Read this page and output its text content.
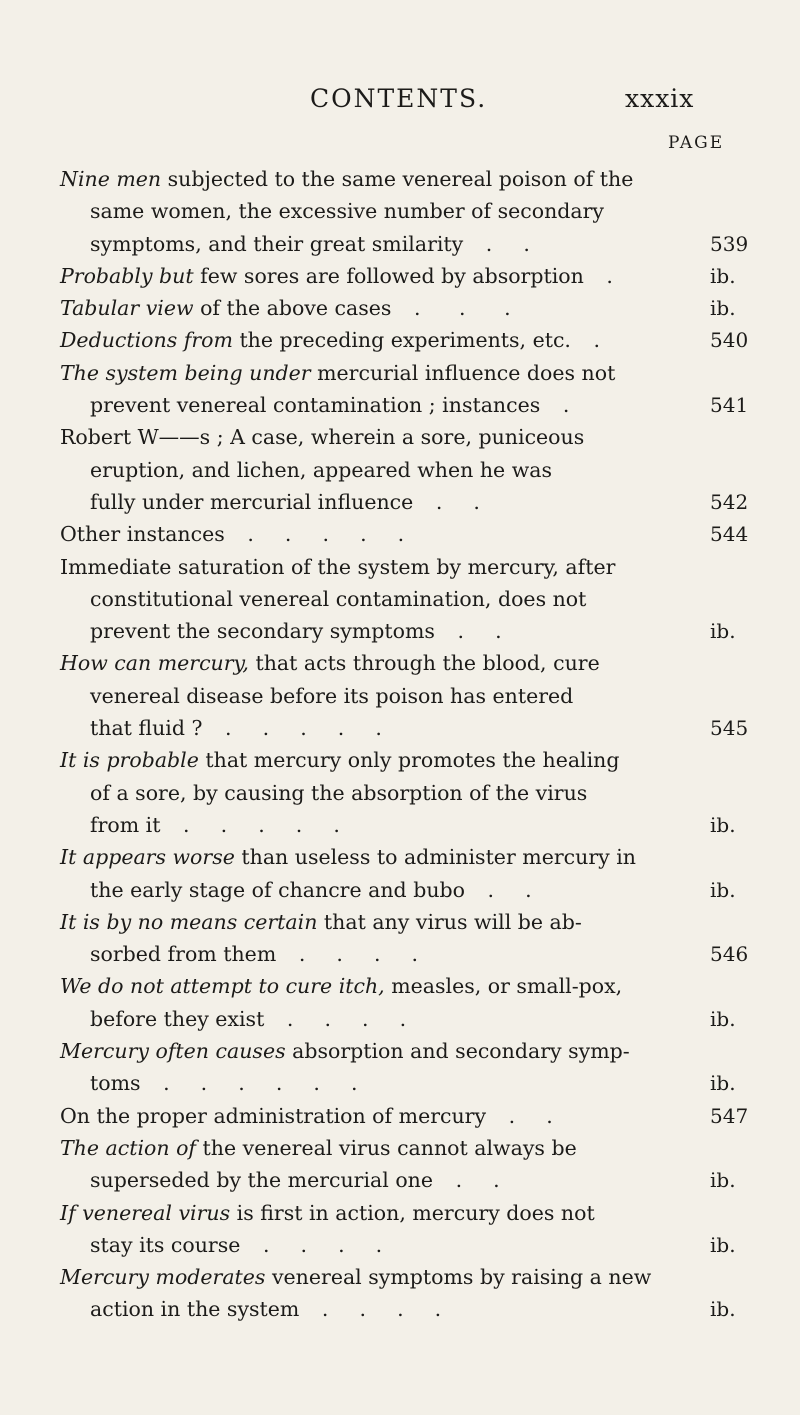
CONTENTS.	xxxix
PAGE
Nine men subjected to the same venereal poison of the
same women, the excessive number of secondary
symptoms, and their great smilarity   .    .	539
Probably but few sores are followed by absorption   .	ib.
Tabular view of the above cases   .     .     .	ib.
Deductions from the preceding experiments, etc.   .	540
The system being under mercurial influence does not
prevent venereal contamination ; instances   .	541
Robert W——s ; A case, wherein a sore, puniceous
eruption, and lichen, appeared when he was
fully under mercurial influence   .    .	542
Other instances   .    .    .    .    .	544
Immediate saturation of the system by mercury, after
constitutional venereal contamination, does not
prevent the secondary symptoms   .    .	ib.
How can mercury, that acts through the blood, cure
venereal disease before its poison has entered
that fluid ?   .    .    .    .    .	545
It is probable that mercury only promotes the healing
of a sore, by causing the absorption of the virus
from it   .    .    .    .    .	ib.
It appears worse than useless to administer mercury in
the early stage of chancre and bubo   .    .	ib.
It is by no means certain that any virus will be ab-
sorbed from them   .    .    .    .	546
We do not attempt to cure itch, measles, or small-pox,
before they exist   .    .    .    .	ib.
Mercury often causes absorption and secondary symp-
toms   .    .    .    .    .    .	ib.
On the proper administration of mercury   .    .	547
The action of the venereal virus cannot always be
superseded by the mercurial one   .    .	ib.
If venereal virus is first in action, mercury does not
stay its course   .    .    .    .	ib.
Mercury moderates venereal symptoms by raising a new
action in the system   .    .    .    .	ib.
